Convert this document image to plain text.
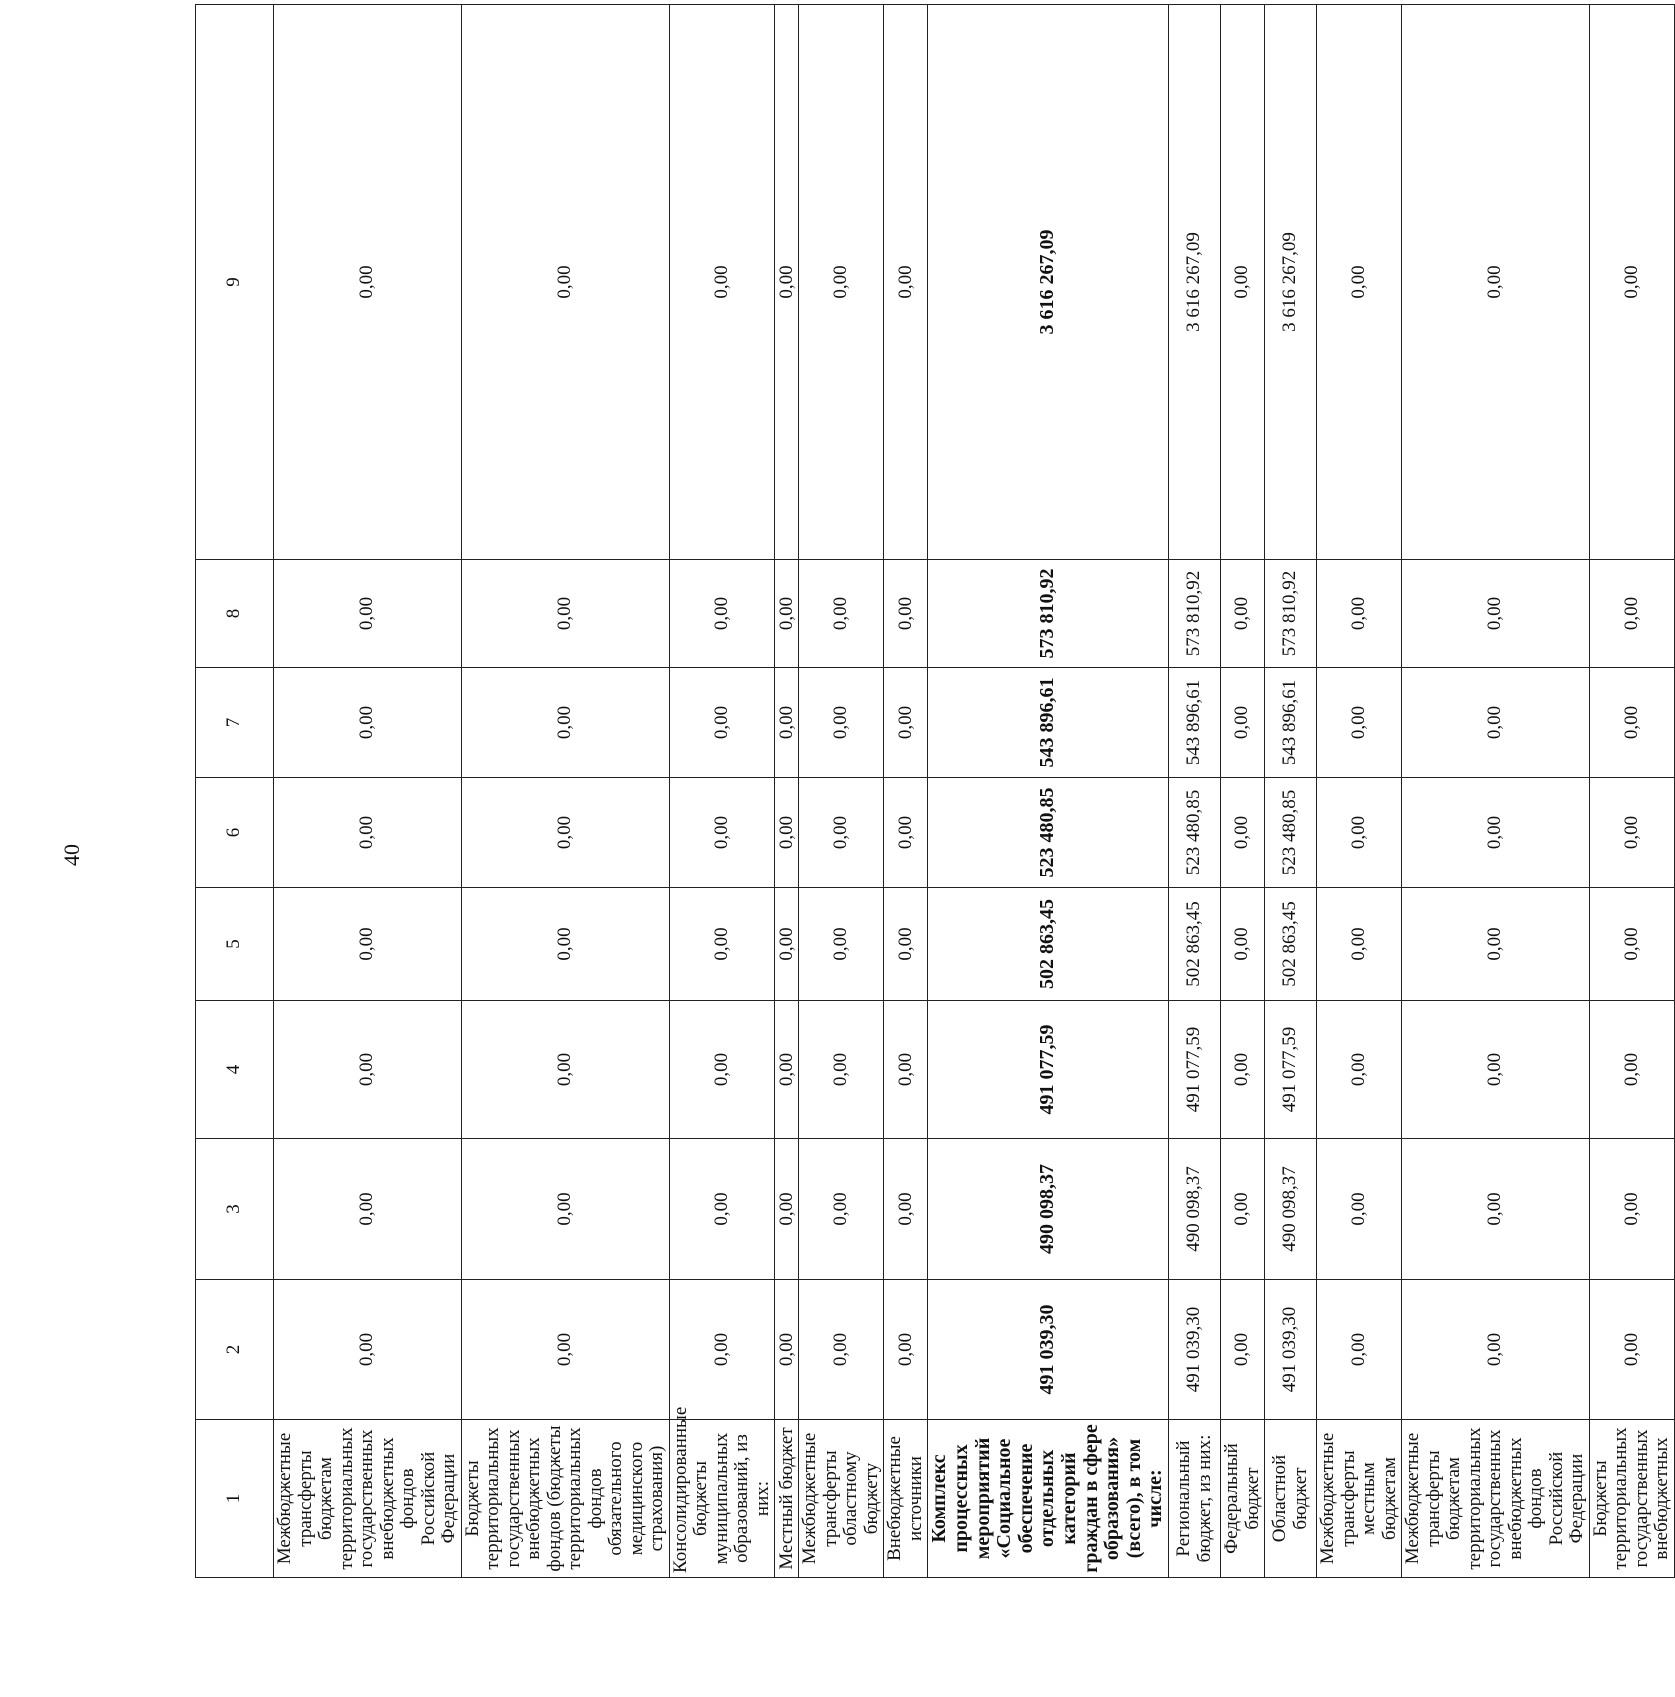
40
1	2	3	4	5	6	7	8	9
Межбюджетные трансферты бюджетам территориальных государственных внебюджетных фондов Российской Федерации	0,00	0,00	0,00	0,00	0,00	0,00	0,00	0,00
Бюджеты территориальных государственных внебюджетных фондов (бюджеты территориальных фондов обязательного медицинского страхования)	0,00	0,00	0,00	0,00	0,00	0,00	0,00	0,00
Консолидированные бюджеты муниципальных образований, из них:	0,00	0,00	0,00	0,00	0,00	0,00	0,00	0,00
Местный бюджет	0,00	0,00	0,00	0,00	0,00	0,00	0,00	0,00
Межбюджетные трансферты областному бюджету	0,00	0,00	0,00	0,00	0,00	0,00	0,00	0,00
Внебюджетные источники	0,00	0,00	0,00	0,00	0,00	0,00	0,00	0,00
Комплекс процессных мероприятий «Социальное обеспечение отдельных категорий граждан в сфере образования» (всего), в том числе:	491 039,30	490 098,37	491 077,59	502 863,45	523 480,85	543 896,61	573 810,92	3 616 267,09
Региональный бюджет, из них:	491 039,30	490 098,37	491 077,59	502 863,45	523 480,85	543 896,61	573 810,92	3 616 267,09
Федеральный бюджет	0,00	0,00	0,00	0,00	0,00	0,00	0,00	0,00
Областной бюджет	491 039,30	490 098,37	491 077,59	502 863,45	523 480,85	543 896,61	573 810,92	3 616 267,09
Межбюджетные трансферты местным бюджетам	0,00	0,00	0,00	0,00	0,00	0,00	0,00	0,00
Межбюджетные трансферты бюджетам территориальных государственных внебюджетных фондов Российской Федерации	0,00	0,00	0,00	0,00	0,00	0,00	0,00	0,00
Бюджеты территориальных государственных внебюджетных	0,00	0,00	0,00	0,00	0,00	0,00	0,00	0,00
